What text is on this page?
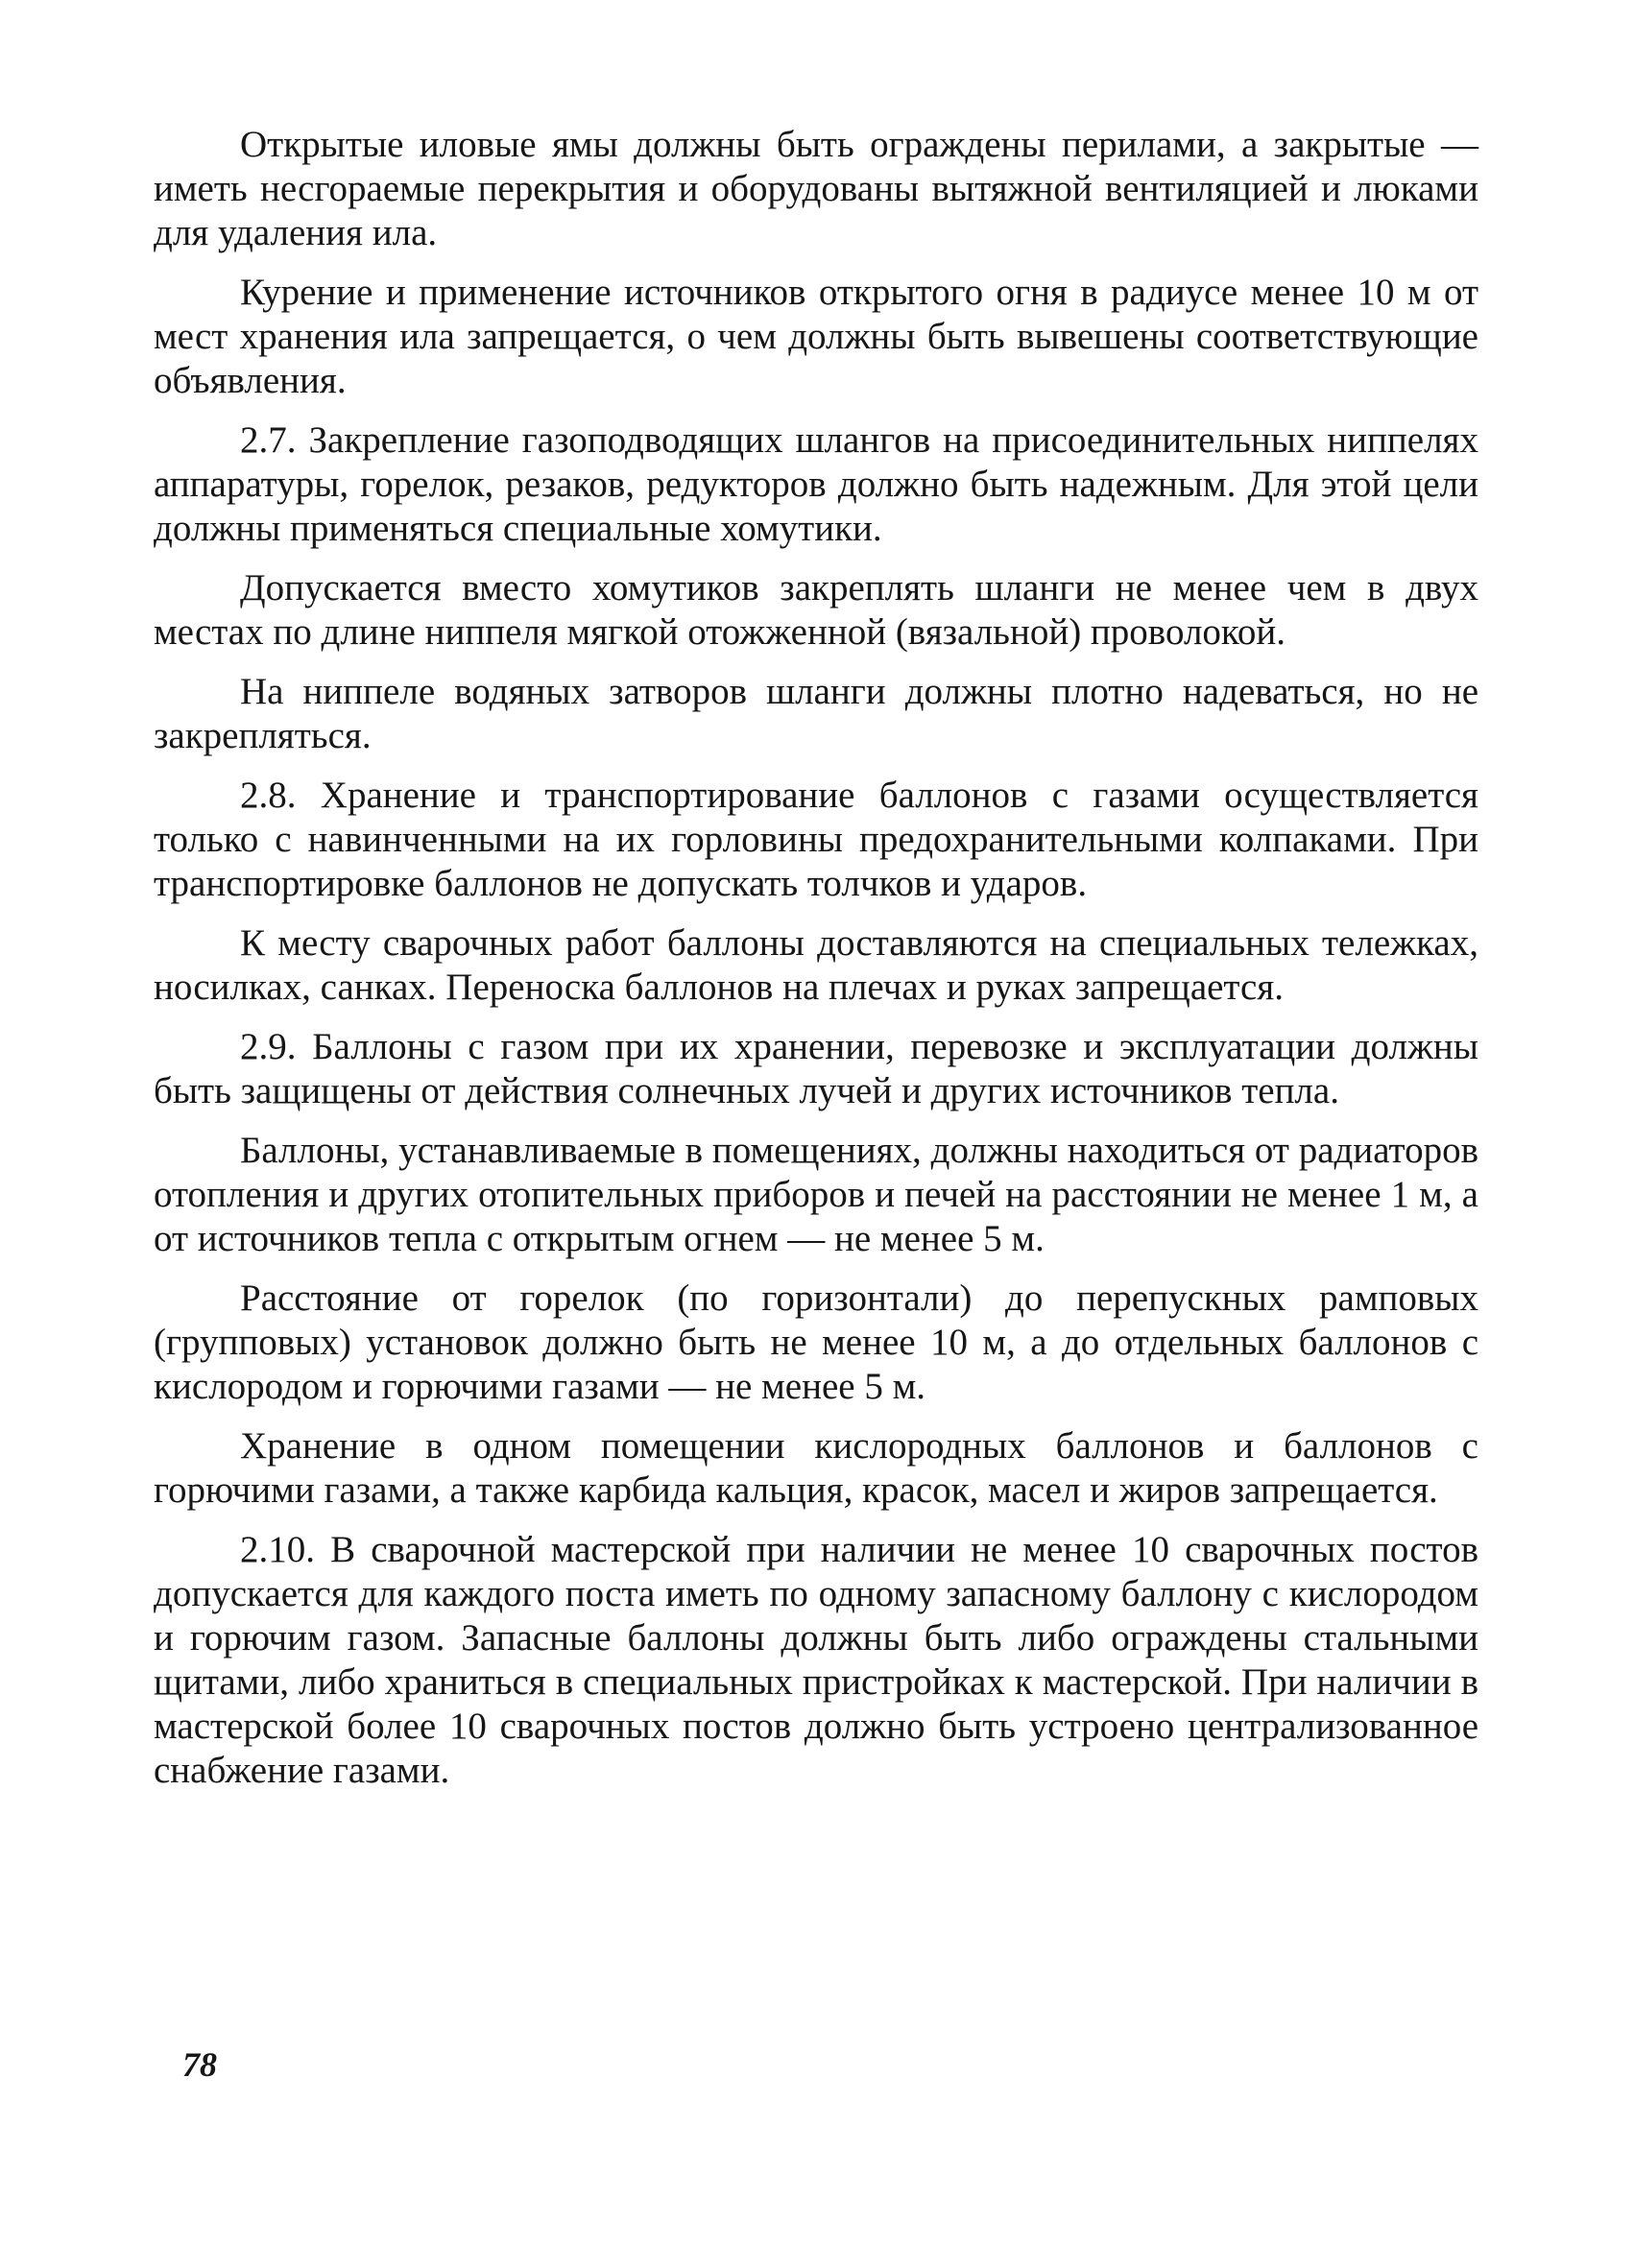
Открытые иловые ямы должны быть ограждены перилами, а закрытые — иметь несгораемые перекрытия и оборудованы вытяжной вентиляцией и люками для удаления ила.

Курение и применение источников открытого огня в радиусе менее 10 м от мест хранения ила запрещается, о чем должны быть вывешены соответствующие объявления.

2.7. Закрепление газоподводящих шлангов на присоединительных ниппелях аппаратуры, горелок, резаков, редукторов должно быть надежным. Для этой цели должны применяться специальные хомутики.

Допускается вместо хомутиков закреплять шланги не менее чем в двух местах по длине ниппеля мягкой отожженной (вязальной) проволокой.

На ниппеле водяных затворов шланги должны плотно надеваться, но не закрепляться.

2.8. Хранение и транспортирование баллонов с газами осуществляется только с навинченными на их горловины предохранительными колпаками. При транспортировке баллонов не допускать толчков и ударов.

К месту сварочных работ баллоны доставляются на специальных тележках, носилках, санках. Переноска баллонов на плечах и руках запрещается.

2.9. Баллоны с газом при их хранении, перевозке и эксплуатации должны быть защищены от действия солнечных лучей и других источников тепла.

Баллоны, устанавливаемые в помещениях, должны находиться от радиаторов отопления и других отопительных приборов и печей на расстоянии не менее 1 м, а от источников тепла с открытым огнем — не менее 5 м.

Расстояние от горелок (по горизонтали) до перепускных рамповых (групповых) установок должно быть не менее 10 м, а до отдельных баллонов с кислородом и горючими газами — не менее 5 м.

Хранение в одном помещении кислородных баллонов и баллонов с горючими газами, а также карбида кальция, красок, масел и жиров запрещается.

2.10. В сварочной мастерской при наличии не менее 10 сварочных постов допускается для каждого поста иметь по одному запасному баллону с кислородом и горючим газом. Запасные баллоны должны быть либо ограждены стальными щитами, либо храниться в специальных пристройках к мастерской. При наличии в мастерской более 10 сварочных постов должно быть устроено централизованное снабжение газами.

78
